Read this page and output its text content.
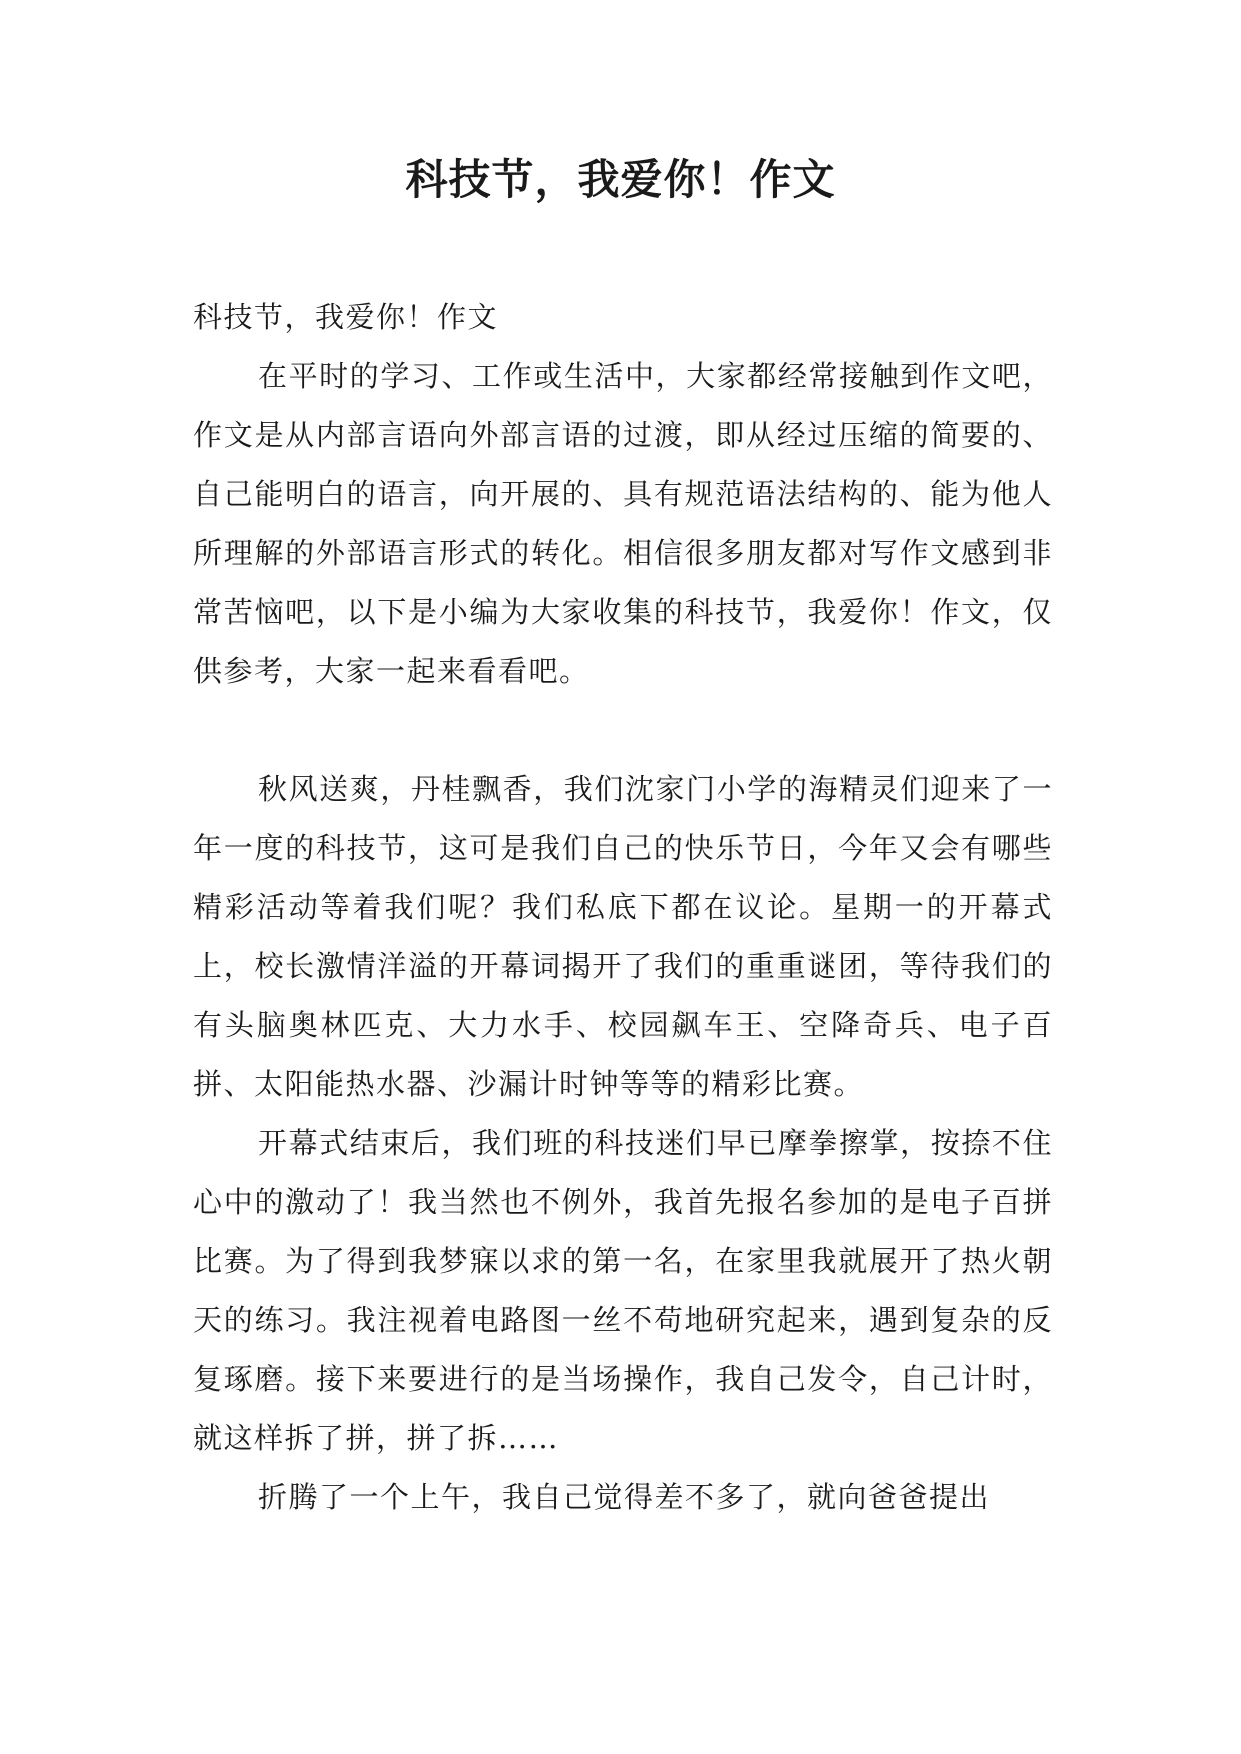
科技节，我爱你！作文

科技节，我爱你！作文

在平时的学习、工作或生活中，大家都经常接触到作文吧，作文是从内部言语向外部言语的过渡，即从经过压缩的简要的、自己能明白的语言，向开展的、具有规范语法结构的、能为他人所理解的外部语言形式的转化。相信很多朋友都对写作文感到非常苦恼吧，以下是小编为大家收集的科技节，我爱你！作文，仅供参考，大家一起来看看吧。

秋风送爽，丹桂飘香，我们沈家门小学的海精灵们迎来了一年一度的科技节，这可是我们自己的快乐节日，今年又会有哪些精彩活动等着我们呢？我们私底下都在议论。星期一的开幕式上，校长激情洋溢的开幕词揭开了我们的重重谜团，等待我们的有头脑奥林匹克、大力水手、校园飙车王、空降奇兵、电子百拼、太阳能热水器、沙漏计时钟等等的精彩比赛。

开幕式结束后，我们班的科技迷们早已摩拳擦掌，按捺不住心中的激动了！我当然也不例外，我首先报名参加的是电子百拼比赛。为了得到我梦寐以求的第一名，在家里我就展开了热火朝天的练习。我注视着电路图一丝不苟地研究起来，遇到复杂的反复琢磨。接下来要进行的是当场操作，我自己发令，自己计时，就这样拆了拼，拼了拆……

折腾了一个上午，我自己觉得差不多了，就向爸爸提出
